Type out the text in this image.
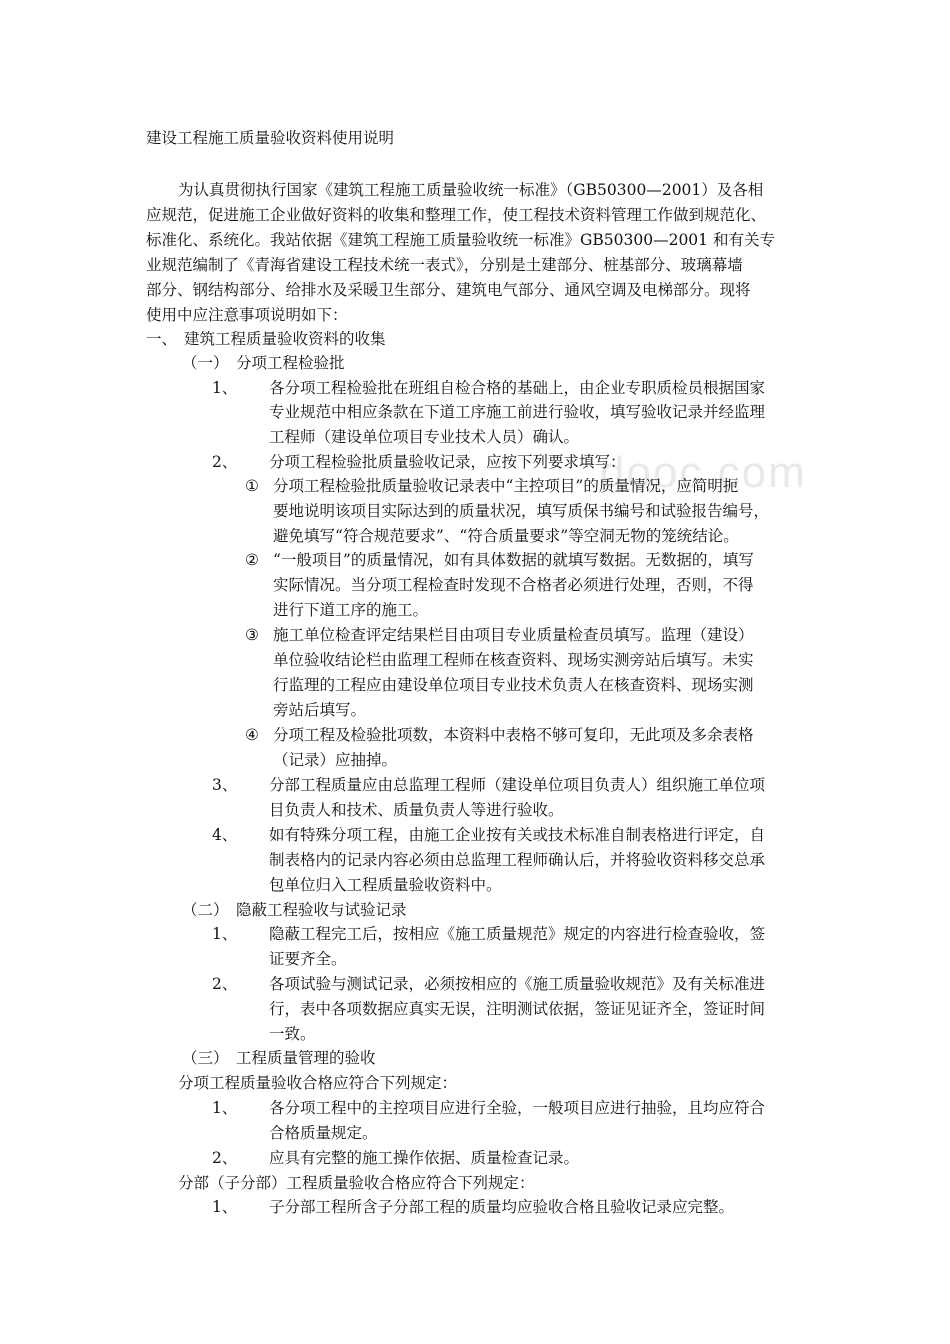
dooc.com
建设工程施工质量验收资料使用说明
为认真贯彻执行国家《建筑工程施工质量验收统一标准》（GB50300—2001）及各相
应规范，促进施工企业做好资料的收集和整理工作，使工程技术资料管理工作做到规范化、
标准化、系统化。我站依据《建筑工程施工质量验收统一标准》GB50300—2001 和有关专
业规范编制了《青海省建设工程技术统一表式》，分别是土建部分、桩基部分、玻璃幕墙
部分、钢结构部分、给排水及采暖卫生部分、建筑电气部分、通风空调及电梯部分。现将
使用中应注意事项说明如下：
一、 建筑工程质量验收资料的收集
（一） 分项工程检验批
1、 各分项工程检验批在班组自检合格的基础上，由企业专职质检员根据国家
专业规范中相应条款在下道工序施工前进行验收，填写验收记录并经监理
工程师（建设单位项目专业技术人员）确认。
2、 分项工程检验批质量验收记录，应按下列要求填写：
① 分项工程检验批质量验收记录表中“主控项目”的质量情况，应简明扼
要地说明该项目实际达到的质量状况，填写质保书编号和试验报告编号，
避免填写“符合规范要求”、“符合质量要求”等空洞无物的笼统结论。
② “一般项目”的质量情况，如有具体数据的就填写数据。无数据的，填写
实际情况。当分项工程检查时发现不合格者必须进行处理，否则，不得
进行下道工序的施工。
③ 施工单位检查评定结果栏目由项目专业质量检查员填写。监理（建设）
单位验收结论栏由监理工程师在核查资料、现场实测旁站后填写。未实
行监理的工程应由建设单位项目专业技术负责人在核查资料、现场实测
旁站后填写。
④ 分项工程及检验批项数，本资料中表格不够可复印，无此项及多余表格
（记录）应抽掉。
3、 分部工程质量应由总监理工程师（建设单位项目负责人）组织施工单位项
目负责人和技术、质量负责人等进行验收。
4、 如有特殊分项工程，由施工企业按有关或技术标准自制表格进行评定，自
制表格内的记录内容必须由总监理工程师确认后，并将验收资料移交总承
包单位归入工程质量验收资料中。
（二） 隐蔽工程验收与试验记录
1、 隐蔽工程完工后，按相应《施工质量规范》规定的内容进行检查验收，签
证要齐全。
2、 各项试验与测试记录，必须按相应的《施工质量验收规范》及有关标准进
行，表中各项数据应真实无误，注明测试依据，签证见证齐全，签证时间
一致。
（三） 工程质量管理的验收
分项工程质量验收合格应符合下列规定：
1、 各分项工程中的主控项目应进行全验，一般项目应进行抽验，且均应符合
合格质量规定。
2、 应具有完整的施工操作依据、质量检查记录。
分部（子分部）工程质量验收合格应符合下列规定：
1、 子分部工程所含子分部工程的质量均应验收合格且验收记录应完整。
